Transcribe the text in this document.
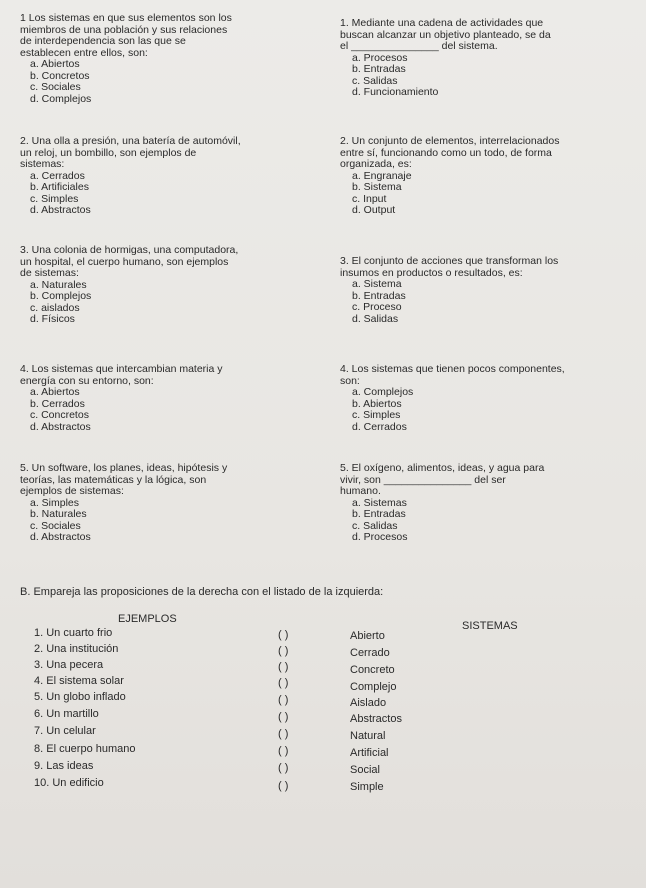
1 Los sistemas en que sus elementos son los
miembros de una población y sus relaciones
de interdependencia son las que se
establecen entre ellos, son:
a. Abiertos
b. Concretos
c. Sociales
d. Complejos
2. Una olla a presión, una batería de automóvil,
un reloj, un bombillo, son ejemplos de
sistemas:
a. Cerrados
b. Artificiales
c. Simples
d. Abstractos
3. Una colonia de hormigas, una computadora,
un hospital, el cuerpo humano, son ejemplos
de sistemas:
a. Naturales
b. Complejos
c. aislados
d. Físicos
4. Los sistemas que intercambian materia y
energía con su entorno, son:
a. Abiertos
b. Cerrados
c. Concretos
d. Abstractos
5. Un software, los planes, ideas, hipótesis y
teorías, las matemáticas y la lógica, son
ejemplos de sistemas:
a. Simples
b. Naturales
c. Sociales
d. Abstractos
1. Mediante una cadena de actividades que
buscan alcanzar un objetivo planteado, se da
el _______________ del sistema.
a. Procesos
b. Entradas
c. Salidas
d. Funcionamiento
2. Un conjunto de elementos, interrelacionados
entre sí, funcionando como un todo, de forma
organizada, es:
a. Engranaje
b. Sistema
c. Input
d. Output
3. El conjunto de acciones que transforman los
insumos en productos o resultados, es:
a. Sistema
b. Entradas
c. Proceso
d. Salidas
4. Los sistemas que tienen pocos componentes,
son:
a. Complejos
b. Abiertos
c. Simples
d. Cerrados
5. El oxígeno, alimentos, ideas, y agua para
vivir, son _______________ del ser
humano.
a. Sistemas
b. Entradas
c. Salidas
d. Procesos
B. Empareja las proposiciones de la derecha con el listado de la izquierda:
EJEMPLOS
SISTEMAS
1. Un cuarto frio
2. Una institución
3. Una pecera
4. El sistema solar
5. Un globo inflado
6. Un martillo
7. Un celular
8. El cuerpo humano
9. Las ideas
10. Un edificio
( )
( )
( )
( )
( )
( )
( )
( )
( )
( )
Abierto
Cerrado
Concreto
Complejo
Aislado
Abstractos
Natural
Artificial
Social
Simple
